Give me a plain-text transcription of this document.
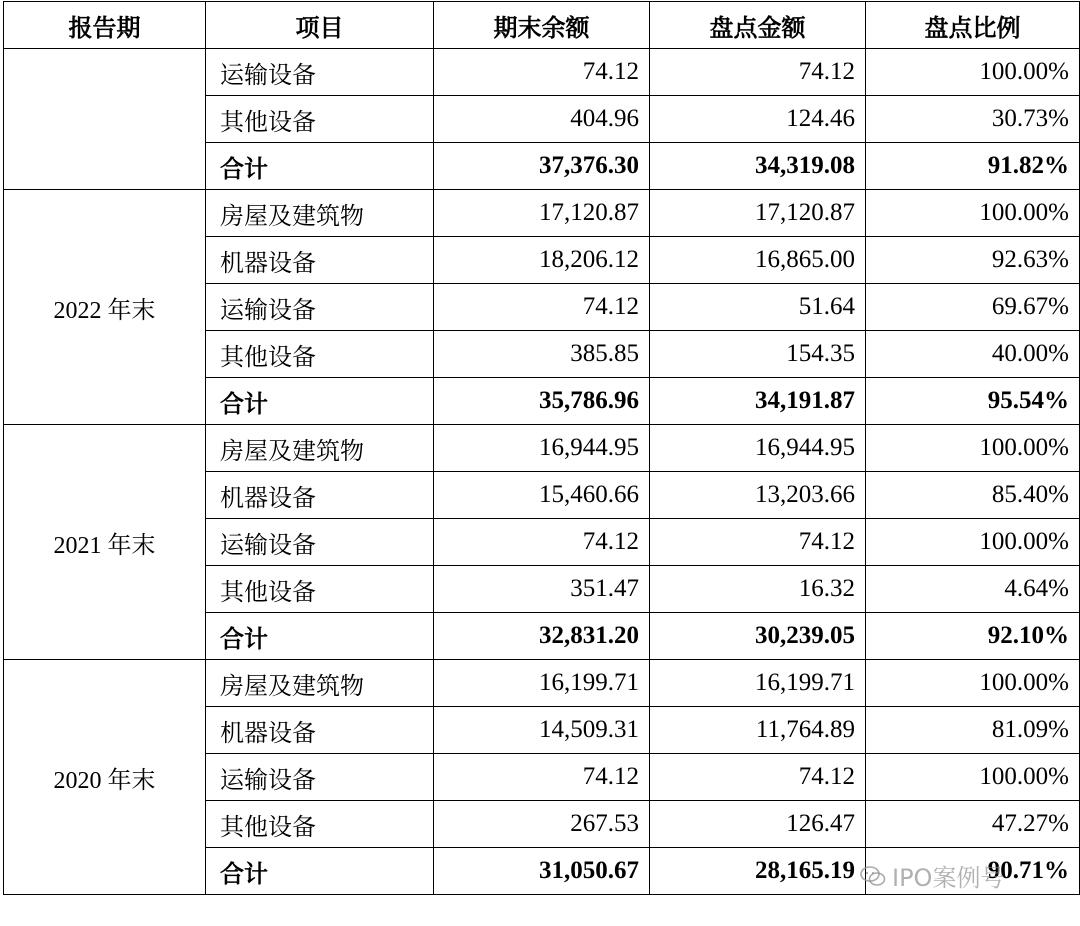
报告期	项目	期末余额	盘点金额	盘点比例
	运输设备	74.12	74.12	100.00%
	其他设备	404.96	124.46	30.73%
	合计	37,376.30	34,319.08	91.82%
2022 年末	房屋及建筑物	17,120.87	17,120.87	100.00%
	机器设备	18,206.12	16,865.00	92.63%
	运输设备	74.12	51.64	69.67%
	其他设备	385.85	154.35	40.00%
	合计	35,786.96	34,191.87	95.54%
2021 年末	房屋及建筑物	16,944.95	16,944.95	100.00%
	机器设备	15,460.66	13,203.66	85.40%
	运输设备	74.12	74.12	100.00%
	其他设备	351.47	16.32	4.64%
	合计	32,831.20	30,239.05	92.10%
2020 年末	房屋及建筑物	16,199.71	16,199.71	100.00%
	机器设备	14,509.31	11,764.89	81.09%
	运输设备	74.12	74.12	100.00%
	其他设备	267.53	126.47	47.27%
	合计	31,050.67	28,165.19	90.71%
IPO案例号
